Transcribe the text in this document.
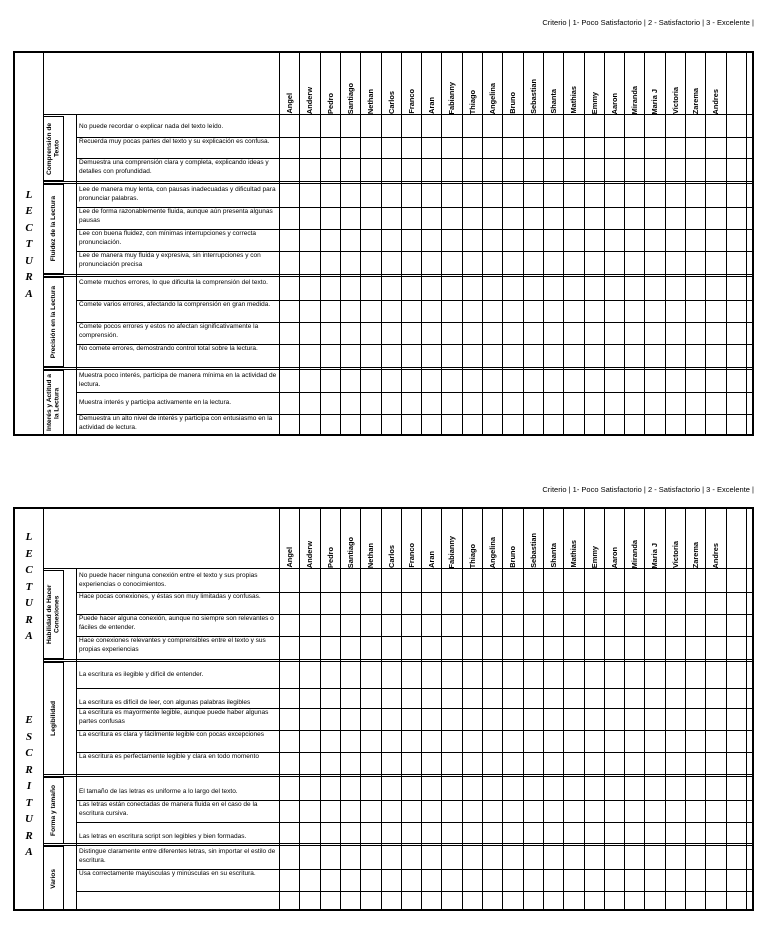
Criterio | 1- Poco Satisfactorio | 2 - Satisfactorio | 3 - Excelente |
L
E
C
T
U
R
A
Comprensión de Texto
Fluidez de la Lectura
Precisión en la Lectura
Interés y Actitud a la Lectura
No puede recordar o explicar nada del texto leído.
Recuerda muy pocas partes del texto y su explicación es confusa.
Demuestra una comprensión clara y completa, explicando ideas y detalles con profundidad.
Lee de manera muy lenta, con pausas inadecuadas y dificultad para pronunciar palabras.
Lee de forma razonablemente fluida, aunque aún presenta algunas pausas
Lee con buena fluidez, con mínimas interrupciones y correcta pronunciación.
Lee de manera muy fluida y expresiva, sin interrupciones y con pronunciación precisa
Comete muchos errores, lo que dificulta la comprensión del texto.
Comete varios errores, afectando la comprensión en gran medida.
Comete pocos errores y estos no afectan significativamente la comprensión.
No comete errores, demostrando control total sobre la lectura.
Muestra poco interés, participa de manera mínima en la actividad de lectura.
Muestra interés y participa activamente en la lectura.
Demuestra un alto nivel de interés y participa con entusiasmo en la actividad de lectura.
Angel Anderw Pedro Santiago Nethan Carlos Franco Aran Fabianny Thiago Angelina Bruno Sebastian Shanta Mathias Emmy Aaron Miranda Maria J Victoria Zarema Andres
Criterio | 1- Poco Satisfactorio | 2 - Satisfactorio | 3 - Excelente |
L
E
C
T
U
R
A
E
S
C
R
I
T
U
R
A
Habilidad de Hacer Conexiones
Legibilidad
Forma y tamaño
Varios
No puede hacer ninguna conexión entre el texto y sus propias experiencias o conocimientos.
Hace pocas conexiones, y éstas son muy limitadas y confusas.
Puede hacer alguna conexión, aunque no siempre son relevantes o fáciles de entender.
Hace conexiones relevantes y comprensibles entre el texto y sus propias experiencias
La escritura es ilegible y difícil de entender.
La escritura es difícil de leer, con algunas palabras ilegibles
La escritura es mayormente legible, aunque puede haber algunas partes confusas
La escritura es clara y fácilmente legible con pocas excepciones
La escritura es perfectamente legible y clara en todo momento
El tamaño de las letras es uniforme a lo largo del texto.
Las letras están conectadas de manera fluida en el caso de la escritura cursiva.
Las letras en escritura script son legibles y bien formadas.
Distingue claramente entre diferentes letras, sin importar el estilo de escritura.
Usa correctamente mayúsculas y minúsculas en su escritura.
Angel Anderw Pedro Santiago Nethan Carlos Franco Aran Fabianny Thiago Angelina Bruno Sebastian Shanta Mathias Emmy Aaron Miranda Maria J Victoria Zarema Andres
